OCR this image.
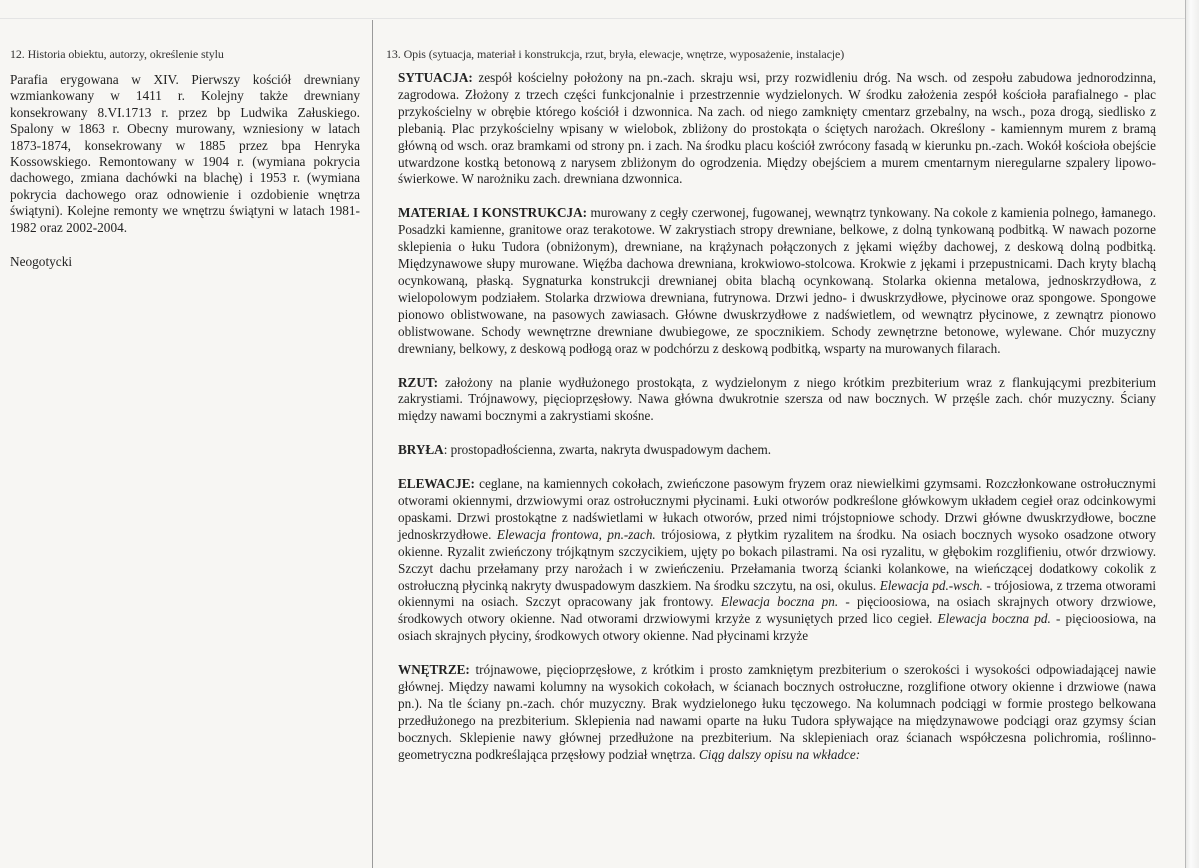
12. Historia obiektu, autorzy, określenie stylu

Parafia erygowana w XIV. Pierwszy kościół drewniany wzmiankowany w 1411 r. Kolejny także drewniany konsekrowany 8.VI.1713 r. przez bp Ludwika Załuskiego. Spalony w 1863 r. Obecny murowany, wzniesiony w latach 1873-1874, konsekrowany w 1885 przez bpa Henryka Kossowskiego. Remontowany w 1904 r. (wymiana pokrycia dachowego, zmiana dachówki na blachę) i 1953 r. (wymiana pokrycia dachowego oraz odnowienie i ozdobienie wnętrza świątyni). Kolejne remonty we wnętrzu świątyni w latach 1981-1982 oraz 2002-2004.

Neogotycki
13. Opis (sytuacja, materiał i konstrukcja, rzut, bryła, elewacje, wnętrze, wyposażenie, instalacje)

SYTUACJA: zespół kościelny położony na pn.-zach. skraju wsi, przy rozwidleniu dróg. Na wsch. od zespołu zabudowa jednorodzinna, zagrodowa. Złożony z trzech części funkcjonalnie i przestrzennie wydzielonych. W środku założenia zespół kościoła parafialnego - plac przykościelny w obrębie którego kościół i dzwonnica. Na zach. od niego zamknięty cmentarz grzebalny, na wsch., poza drogą, siedlisko z plebanią. Plac przykościelny wpisany w wielobok, zbliżony do prostokąta o ściętych narożach. Określony - kamiennym murem z bramą główną od wsch. oraz bramkami od strony pn. i zach. Na środku placu kościół zwrócony fasadą w kierunku pn.-zach. Wokół kościoła obejście utwardzone kostką betonową z narysem zbliżonym do ogrodzenia. Między obejściem a murem cmentarnym nieregularne szpalery lipowo-świerkowe. W narożniku zach. drewniana dzwonnica.

MATERIAŁ I KONSTRUKCJA: murowany z cegły czerwonej, fugowanej, wewnątrz tynkowany. Na cokole z kamienia polnego, łamanego. Posadzki kamienne, granitowe oraz terakotowe. W zakrystiach stropy drewniane, belkowe, z dolną tynkowaną podbitką. W nawach pozorne sklepienia o łuku Tudora (obniżonym), drewniane, na krążynach połączonych z jękami więźby dachowej, z deskową dolną podbitką. Międzynawowe słupy murowane. Więźba dachowa drewniana, krokwiowo-stolcowa. Krokwie z jękami i przepustnicami. Dach kryty blachą ocynkowaną, płaską. Sygnaturka konstrukcji drewnianej obita blachą ocynkowaną. Stolarka okienna metalowa, jednoskrzydłowa, z wielopolowym podziałem. Stolarka drzwiowa drewniana, futrynowa. Drzwi jedno- i dwuskrzydłowe, płycinowe oraz spongowe. Spongowe pionowo oblistwowane, na pasowych zawiasach. Główne dwuskrzydłowe z nadświetlem, od wewnątrz płycinowe, z zewnątrz pionowo oblistwowane. Schody wewnętrzne drewniane dwubiegowe, ze spocznikiem. Schody zewnętrzne betonowe, wylewane. Chór muzyczny drewniany, belkowy, z deskową podłogą oraz w podchórzu z deskową podbitką, wsparty na murowanych filarach.

RZUT: założony na planie wydłużonego prostokąta, z wydzielonym z niego krótkim prezbiterium wraz z flankującymi prezbiterium zakrystiami. Trójnawowy, pięcioprzęsłowy. Nawa główna dwukrotnie szersza od naw bocznych. W przęśle zach. chór muzyczny. Ściany między nawami bocznymi a zakrystiami skośne.

BRYŁA: prostopadłościenna, zwarta, nakryta dwuspadowym dachem.

ELEWACJE: ceglane, na kamiennych cokołach, zwieńczone pasowym fryzem oraz niewielkimi gzymsami. Rozczłonkowane ostrołucznymi otworami okiennymi, drzwiowymi oraz ostrołucznymi płycinami. Łuki otworów podkreślone główkowym układem cegieł oraz odcinkowymi opaskami. Drzwi prostokątne z nadświetlami w łukach otworów, przed nimi trójstopniowe schody. Drzwi główne dwuskrzydłowe, boczne jednoskrzydłowe. Elewacja frontowa, pn.-zach. trójosiowa, z płytkim ryzalitem na środku. Na osiach bocznych wysoko osadzone otwory okienne. Ryzalit zwieńczony trójkątnym szczycikiem, ujęty po bokach pilastrami. Na osi ryzalitu, w głębokim rozglifieniu, otwór drzwiowy. Szczyt dachu przełamany przy narożach i w zwieńczeniu. Przełamania tworzą ścianki kolankowe, na wieńczącej dodatkowy cokolik z ostrołuczną płycinką nakryty dwuspadowym daszkiem. Na środku szczytu, na osi, okulus. Elewacja pd.-wsch. - trójosiowa, z trzema otworami okiennymi na osiach. Szczyt opracowany jak frontowy. Elewacja boczna pn. - pięcioosiowa, na osiach skrajnych otwory drzwiowe, środkowych otwory okienne. Nad otworami drzwiowymi krzyże z wysuniętych przed lico cegieł. Elewacja boczna pd. - pięcioosiowa, na osiach skrajnych płyciny, środkowych otwory okienne. Nad płycinami krzyże

WNĘTRZE: trójnawowe, pięcioprzęsłowe, z krótkim i prosto zamkniętym prezbiterium o szerokości i wysokości odpowiadającej nawie głównej. Między nawami kolumny na wysokich cokołach, w ścianach bocznych ostrołuczne, rozglifione otwory okienne i drzwiowe (nawa pn.). Na tle ściany pn.-zach. chór muzyczny. Brak wydzielonego łuku tęczowego. Na kolumnach podciągi w formie prostego belkowana przedłużonego na prezbiterium. Sklepienia nad nawami oparte na łuku Tudora spływające na międzynawowe podciągi oraz gzymsy ścian bocznych. Sklepienie nawy głównej przedłużone na prezbiterium. Na sklepieniach oraz ścianach współczesna polichromia, roślinno-geometryczna podkreślająca przęsłowy podział wnętrza. Ciąg dalszy opisu na wkładce:
